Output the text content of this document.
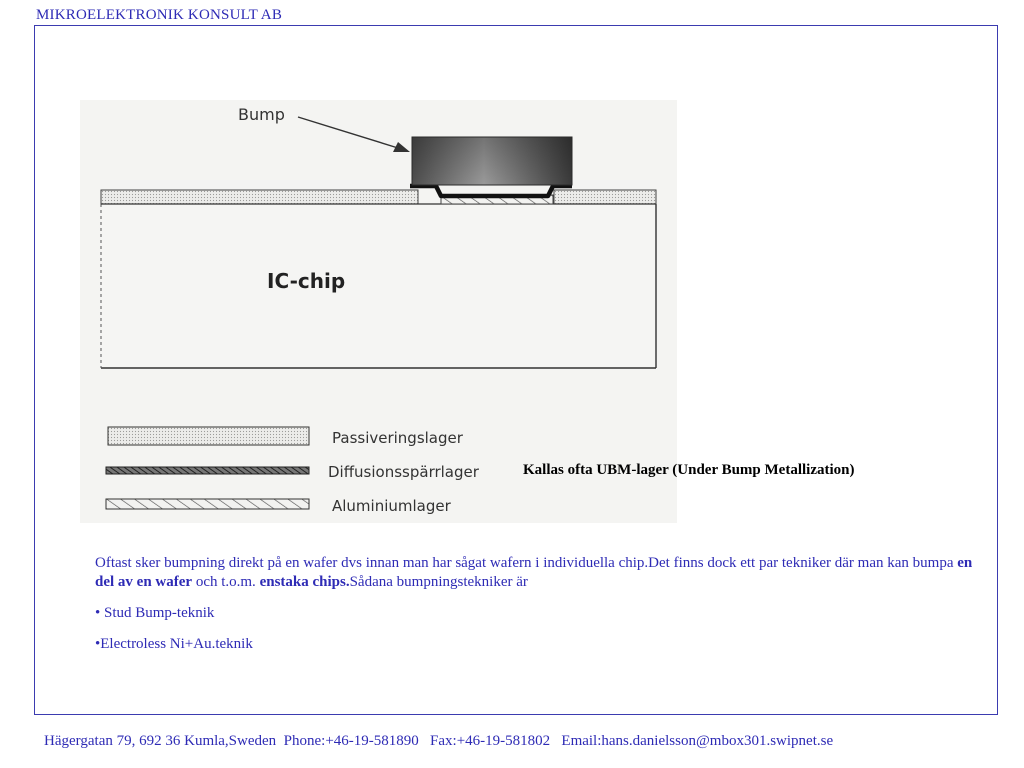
MIKROELEKTRONIK KONSULT AB
Bump
IC-chip
Passiveringslager
Diffusionsspärrlager
Aluminiumlager
Kallas ofta UBM-lager (Under Bump Metallization)
Oftast sker bumpning direkt på en wafer dvs innan man har sågat wafern i individuella chip.Det finns dock ett par tekniker där man kan bumpa en del av en wafer och t.o.m. enstaka chips.Sådana bumpningstekniker är
• Stud Bump-teknik
•Electroless Ni+Au.teknik
Hägergatan 79, 692 36 Kumla,Sweden  Phone:+46-19-581890   Fax:+46-19-581802   Email:hans.danielsson@mbox301.swipnet.se
